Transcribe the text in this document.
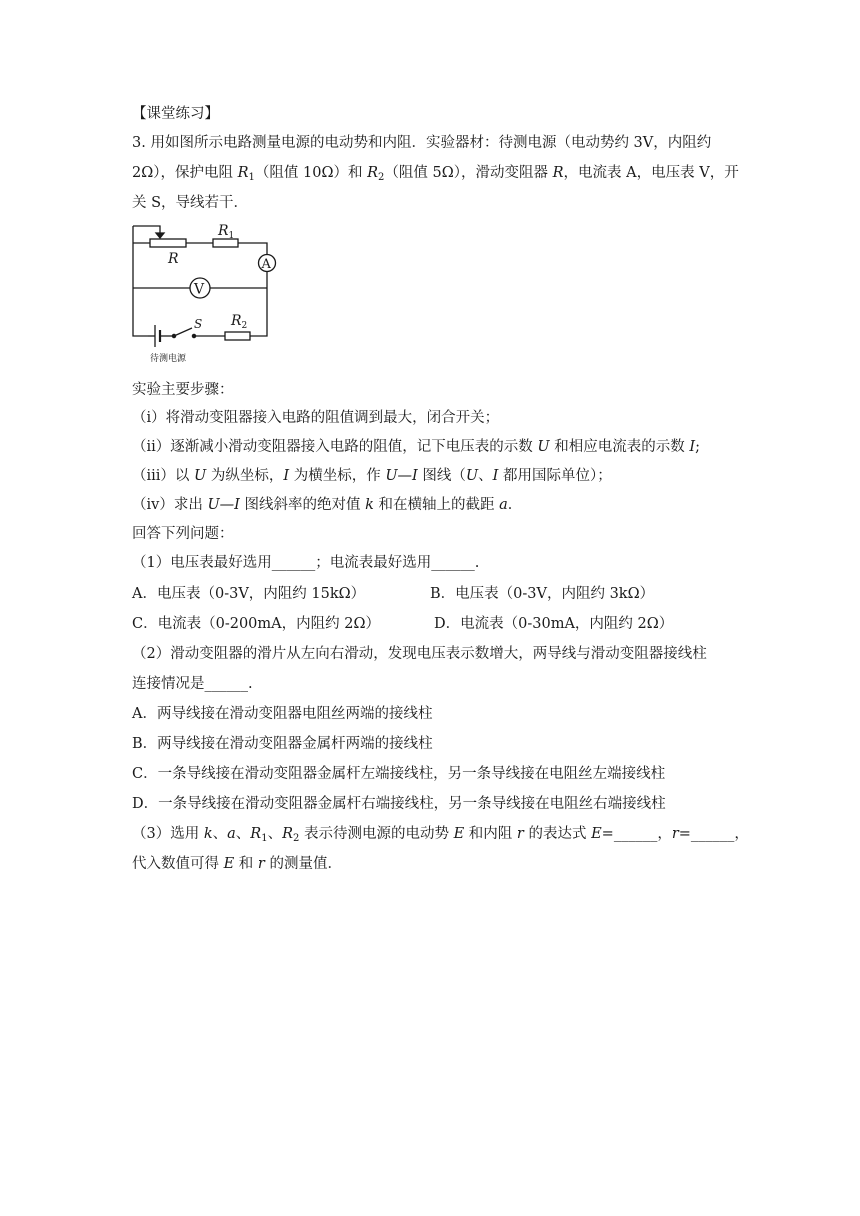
【课堂练习】
3. 用如图所示电路测量电源的电动势和内阻．实验器材：待测电源（电动势约 3V，内阻约
2Ω），保护电阻 $R_1$（阻值 10Ω）和 $R_2$（阻值 5Ω），滑动变阻器 R，电流表 A，电压表 V，开
关 S，导线若干．
$R_1$
R	A
V
S $R_2$
待测电源
实验主要步骤：
（ⅰ）将滑动变阻器接入电路的阻值调到最大，闭合开关；
（ⅱ）逐渐减小滑动变阻器接入电路的阻值，记下电压表的示数 U 和相应电流表的示数 I;
（ⅲ）以 U 为纵坐标，I 为横坐标，作 U—I 图线（U、I 都用国际单位）；
（ⅳ）求出 U—I 图线斜率的绝对值 k 和在横轴上的截距 a．
回答下列问题：
（1）电压表最好选用______；电流表最好选用______.
A．电压表（0-3V，内阻约 15kΩ）	B．电压表（0-3V，内阻约 3kΩ）
C．电流表（0-200mA，内阻约 2Ω）	D．电流表（0-30mA，内阻约 2Ω）
（2）滑动变阻器的滑片从左向右滑动，发现电压表示数增大，两导线与滑动变阻器接线柱
连接情况是______.
A．两导线接在滑动变阻器电阻丝两端的接线柱
B．两导线接在滑动变阻器金属杆两端的接线柱
C．一条导线接在滑动变阻器金属杆左端接线柱，另一条导线接在电阻丝左端接线柱
D．一条导线接在滑动变阻器金属杆右端接线柱，另一条导线接在电阻丝右端接线柱
（3）选用 k、a、$R_1$、$R_2$ 表示待测电源的电动势 E 和内阻 r 的表达式 E=______，r=______，
代入数值可得 E 和 r 的测量值．
